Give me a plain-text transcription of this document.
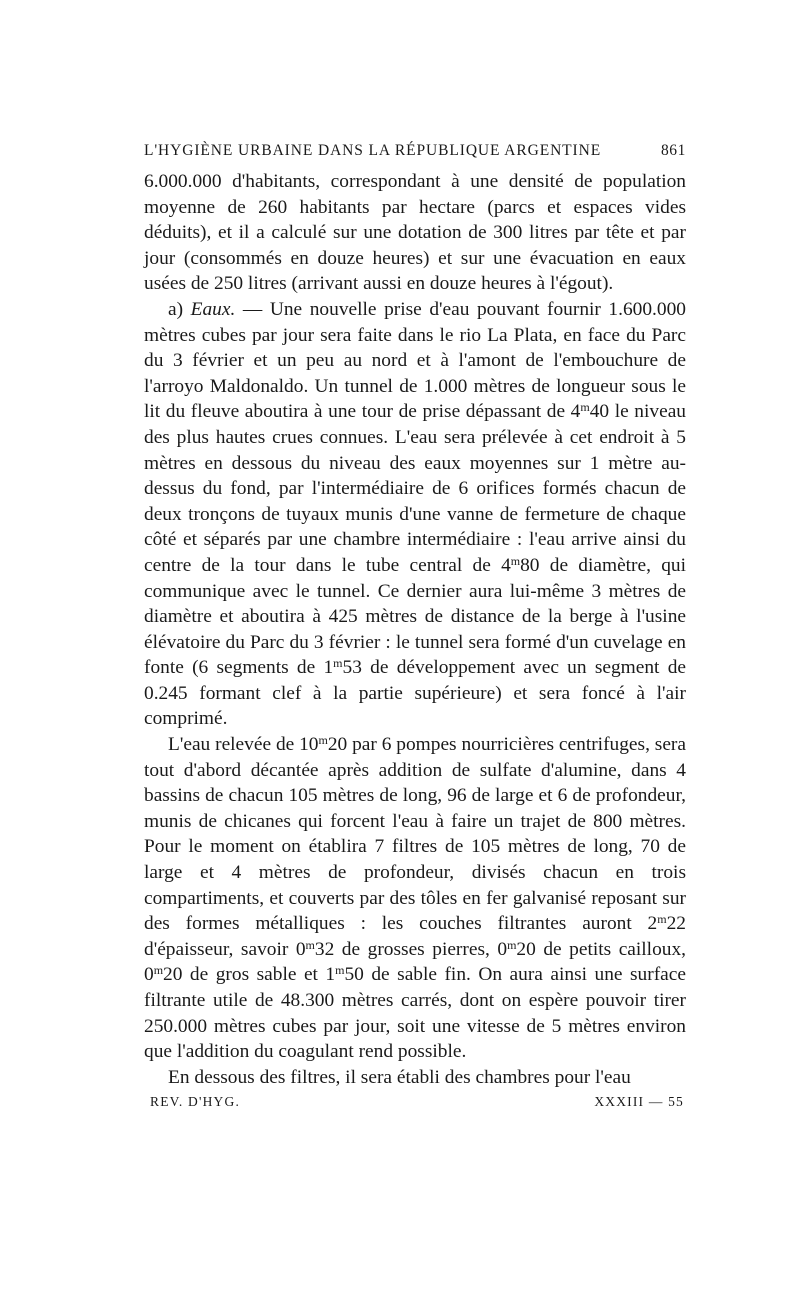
L'HYGIÈNE URBAINE DANS LA RÉPUBLIQUE ARGENTINE	861

6.000.000 d'habitants, correspondant à une densité de population moyenne de 260 habitants par hectare (parcs et espaces vides déduits), et il a calculé sur une dotation de 300 litres par tête et par jour (consommés en douze heures) et sur une évacuation en eaux usées de 250 litres (arrivant aussi en douze heures à l'égout).

a) Eaux. — Une nouvelle prise d'eau pouvant fournir 1.600.000 mètres cubes par jour sera faite dans le rio La Plata, en face du Parc du 3 février et un peu au nord et à l'amont de l'embouchure de l'arroyo Maldonaldo. Un tunnel de 1.000 mètres de longueur sous le lit du fleuve aboutira à une tour de prise dépassant de 4$^m$40 le niveau des plus hautes crues connues. L'eau sera prélevée à cet endroit à 5 mètres en dessous du niveau des eaux moyennes sur 1 mètre au-dessus du fond, par l'intermédiaire de 6 orifices formés chacun de deux tronçons de tuyaux munis d'une vanne de fermeture de chaque côté et séparés par une chambre intermédiaire : l'eau arrive ainsi du centre de la tour dans le tube central de 4$^m$80 de diamètre, qui communique avec le tunnel. Ce dernier aura lui-même 3 mètres de diamètre et aboutira à 425 mètres de distance de la berge à l'usine élévatoire du Parc du 3 février : le tunnel sera formé d'un cuvelage en fonte (6 segments de 1$^m$53 de développement avec un segment de 0.245 formant clef à la partie supérieure) et sera foncé à l'air comprimé.

L'eau relevée de 10$^m$20 par 6 pompes nourricières centrifuges, sera tout d'abord décantée après addition de sulfate d'alumine, dans 4 bassins de chacun 105 mètres de long, 96 de large et 6 de profondeur, munis de chicanes qui forcent l'eau à faire un trajet de 800 mètres. Pour le moment on établira 7 filtres de 105 mètres de long, 70 de large et 4 mètres de profondeur, divisés chacun en trois compartiments, et couverts par des tôles en fer galvanisé reposant sur des formes métalliques : les couches filtrantes auront 2$^m$22 d'épaisseur, savoir 0$^m$32 de grosses pierres, 0$^m$20 de petits cailloux, 0$^m$20 de gros sable et 1$^m$50 de sable fin. On aura ainsi une surface filtrante utile de 48.300 mètres carrés, dont on espère pouvoir tirer 250.000 mètres cubes par jour, soit une vitesse de 5 mètres environ que l'addition du coagulant rend possible.

En dessous des filtres, il sera établi des chambres pour l'eau

REV. D'HYG.	XXXIII — 55
